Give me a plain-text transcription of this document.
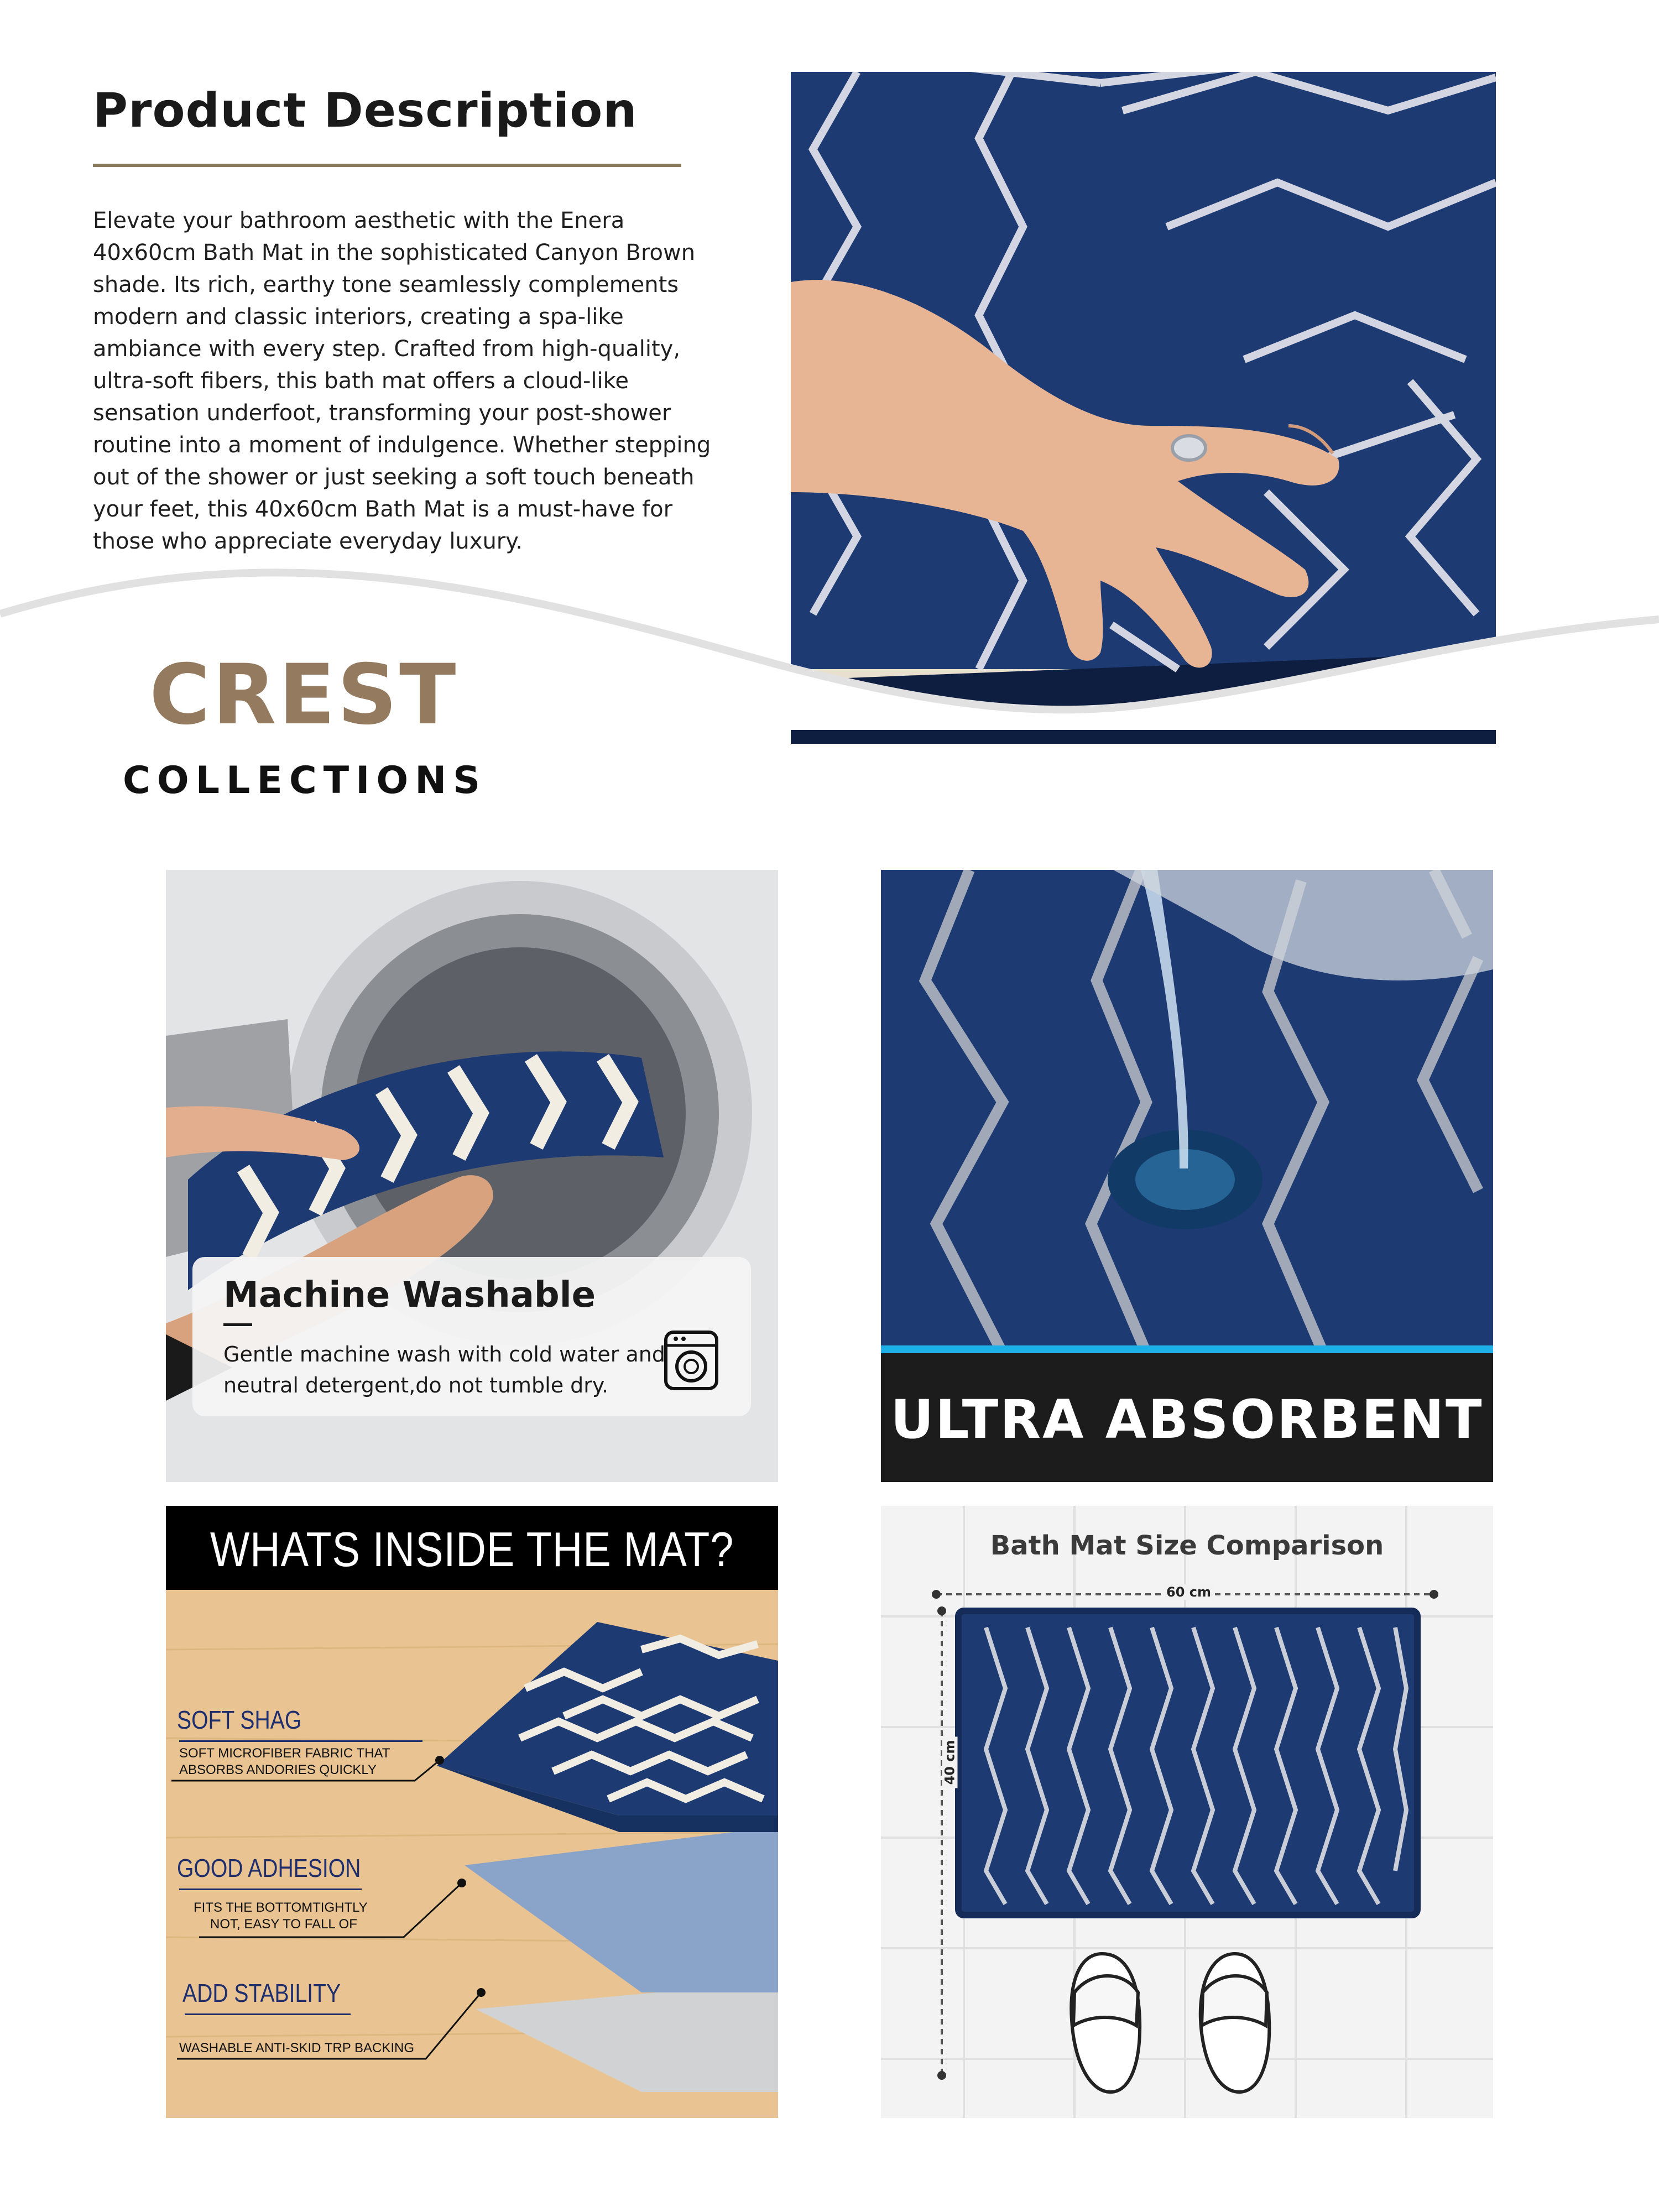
Product Description

Elevate your bathroom aesthetic with the Enera 40x60cm Bath Mat in the sophisticated Canyon Brown shade. Its rich, earthy tone seamlessly complements modern and classic interiors, creating a spa-like ambiance with every step. Crafted from high-quality, ultra-soft fibers, this bath mat offers a cloud-like sensation underfoot, transforming your post-shower routine into a moment of indulgence. Whether stepping out of the shower or just seeking a soft touch beneath your feet, this 40x60cm Bath Mat is a must-have for those who appreciate everyday luxury.

CREST
COLLECTIONS
Machine Washable
Gentle machine wash with cold water and neutral detergent,do not tumble dry.
ULTRA ABSORBENT
WHATS INSIDE THE MAT?
SOFT SHAG
SOFT MICROFIBER FABRIC THAT
ABSORBS ANDORIES QUICKLY
GOOD ADHESION
FITS THE BOTTOMTIGHTLY
NOT, EASY TO FALL OF
ADD STABILITY
WASHABLE ANTI-SKID TRP BACKING
Bath Mat Size Comparison
60 cm
40 cm
